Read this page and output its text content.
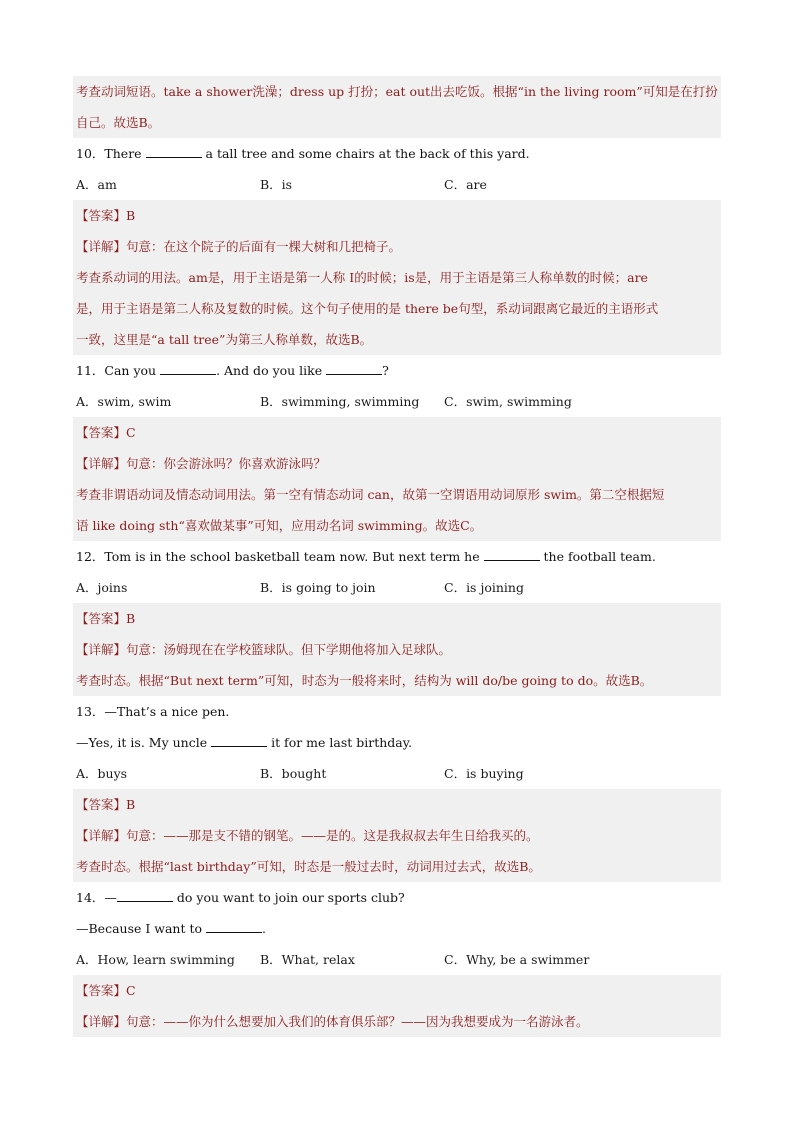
考查动词短语。take a shower洗澡；dress up 打扮；eat out出去吃饭。根据“in the living room”可知是在打扮
自己。故选B。
10．There	a tall tree and some chairs at the back of this yard.
A．am	B．is	C．are
【答案】B
【详解】句意：在这个院子的后面有一棵大树和几把椅子。
考查系动词的用法。am是，用于主语是第一人称 I的时候；is是，用于主语是第三人称单数的时候；are
是，用于主语是第二人称及复数的时候。这个句子使用的是 there be句型，系动词跟离它最近的主语形式
一致，这里是“a tall tree”为第三人称单数，故选B。
11．Can you	. And do you like	?
A．swim, swim	B．swimming, swimming C．swim, swimming
【答案】C
【详解】句意：你会游泳吗？你喜欢游泳吗？
考查非谓语动词及情态动词用法。第一空有情态动词 can，故第一空谓语用动词原形 swim。第二空根据短
语 like doing sth“喜欢做某事”可知，应用动名词 swimming。故选C。
12．Tom is in the school basketball team now. But next term he	the football team.
A．joins	B．is going to join	C．is joining
【答案】B
【详解】句意：汤姆现在在学校篮球队。但下学期他将加入足球队。
考查时态。根据“But next term”可知，时态为一般将来时，结构为 will do/be going to do。故选B。
13．—That’s a nice pen.
—Yes, it is. My uncle	it for me last birthday.
A．buys	B．bought	C．is buying
【答案】B
【详解】句意：——那是支不错的钢笔。——是的。这是我叔叔去年生日给我买的。
考查时态。根据“last birthday”可知，时态是一般过去时，动词用过去式，故选B。
14．—	do you want to join our sports club?
—Because I want to	.
A．How, learn swimming B．What, relax	C．Why, be a swimmer
【答案】C
【详解】句意：——你为什么想要加入我们的体育俱乐部？——因为我想要成为一名游泳者。
